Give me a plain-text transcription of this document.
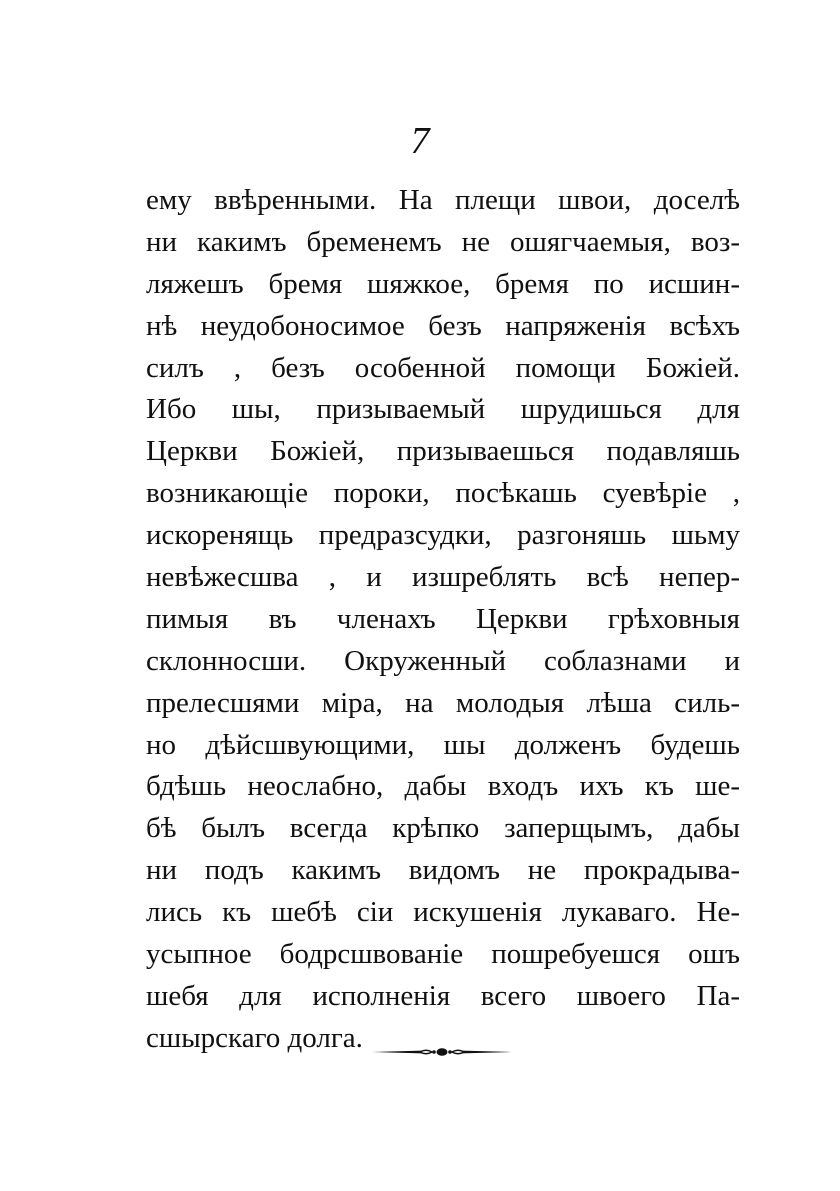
7
ему ввѣренными. На плещи швои, доселѣ
ни какимъ бременемъ не ошягчаемыя, воз-
ляжешъ бремя шяжкое, бремя по исшин-
нѣ неудобоносимое безъ напряженія всѣхъ
силъ , безъ особенной помощи Божіей.
Ибо шы, призываемый шрудишься для
Церкви Божіей, призываешься подавляшь
возникающіе пороки, посѣкашь суевѣріе ,
искоренящь предразсудки, разгоняшь шьму
невѣжесшва , и изшреблять всѣ непер-
пимыя въ членахъ Церкви грѣховныя
склонносши. Окруженный соблазнами и
прелесшями міра, на молодыя лѣша силь-
но дѣйсшвующими, шы долженъ будешь
бдѣшь неослабно, дабы входъ ихъ къ ше-
бѣ былъ всегда крѣпко заперщымъ, дабы
ни подъ какимъ видомъ не прокрадыва-
лись къ шебѣ сіи искушенія лукаваго. Не-
усыпное бодрсшвованіе пошребуешся ошъ
шебя для исполненія всего швоего Па-
сшырскаго долга.
